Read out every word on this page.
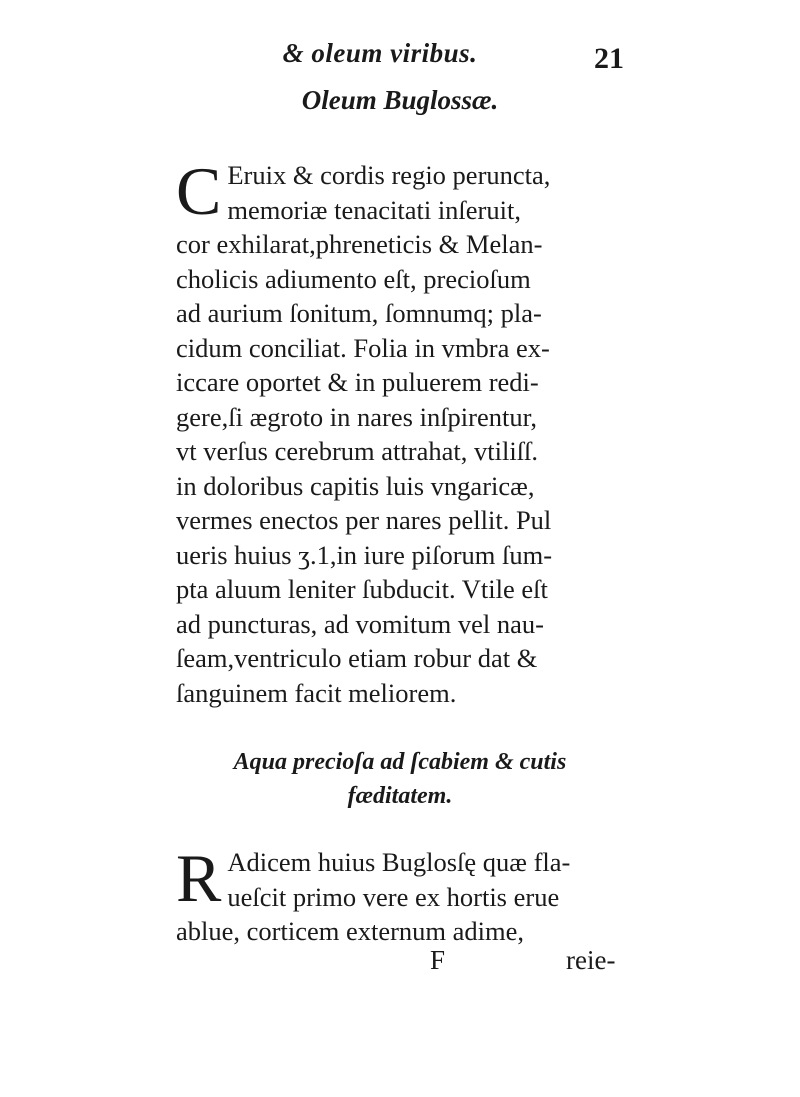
& oleum viribus.	21
Oleum Buglossæ.
C Eruix & cordis regio peruncta,
memoriæ tenacitati inſeruit,
cor exhilarat,phreneticis & Melan-
cholicis adiumento eſt, precioſum
ad aurium ſonitum, ſomnumq; pla-
cidum conciliat. Folia in vmbra ex-
iccare oportet & in puluerem redi-
gere,ſi ægroto in nares inſpirentur,
vt verſus cerebrum attrahat, vtiliſſ.
in doloribus capitis luis vngaricæ,
vermes enectos per nares pellit. Pul
ueris huius ʒ.1,in iure piſorum ſum-
pta aluum leniter ſubducit. Vtile eſt
ad puncturas, ad vomitum vel nau-
ſeam,ventriculo etiam robur dat &
ſanguinem facit meliorem.
Aqua precioſa ad ſcabiem & cutis
fæditatem.
R Adicem huius Buglosſę quæ fla-
ueſcit primo vere ex hortis erue
ablue, corticem externum adime,
F	reie-
